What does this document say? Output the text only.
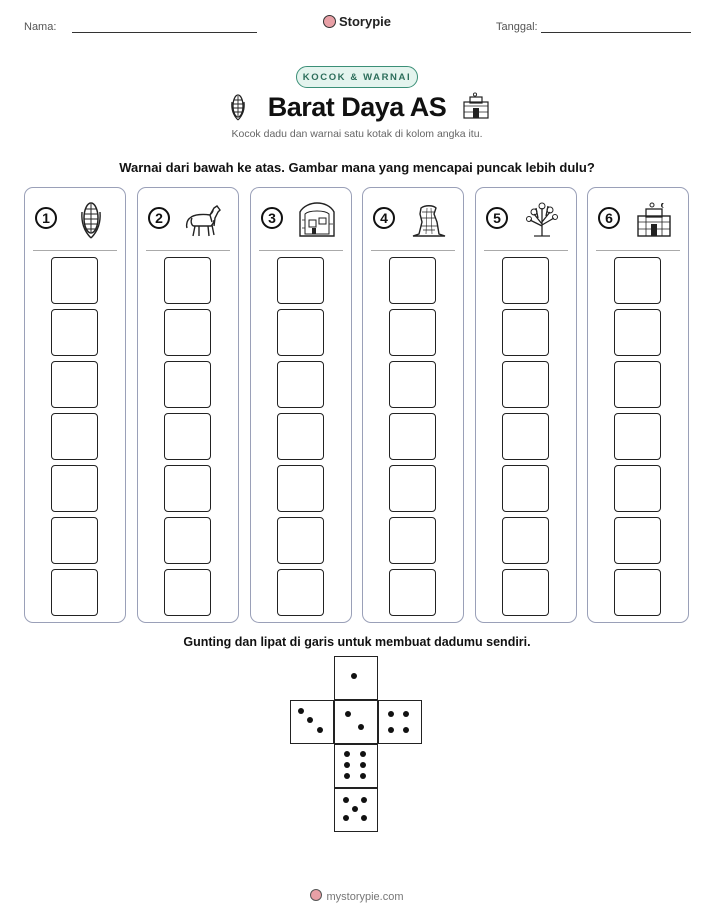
Nama:	Storypie	Tanggal:
KOCOK & WARNAI
Barat Daya AS
Kocok dadu dan warnai satu kotak di kolom angka itu.
Warnai dari bawah ke atas. Gambar mana yang mencapai puncak lebih dulu?
1	2	3	4	5	6
Gunting dan lipat di garis untuk membuat dadumu sendiri.
mystorypie.com
